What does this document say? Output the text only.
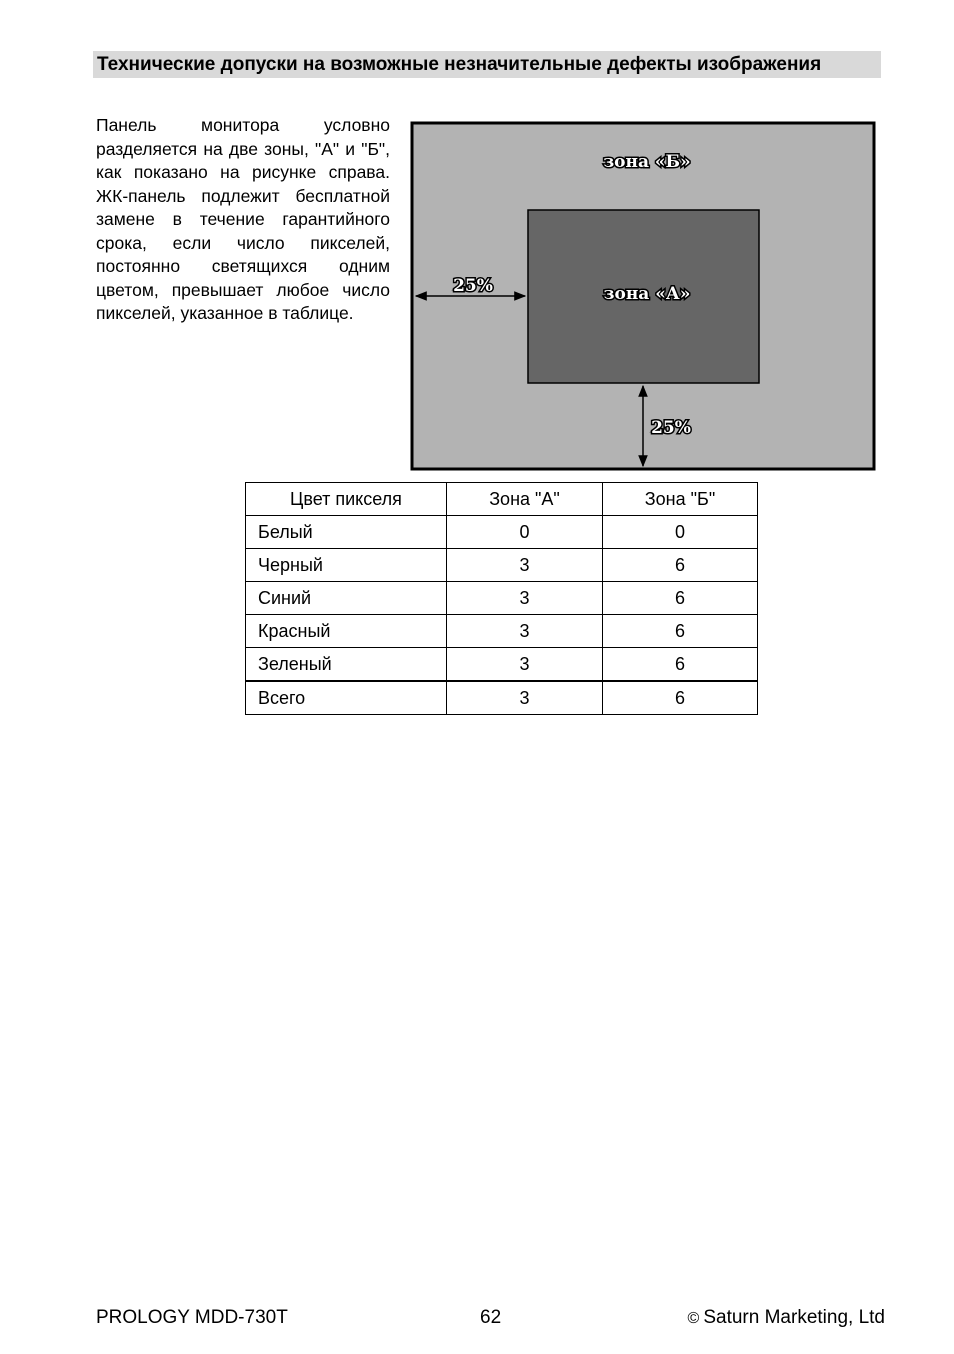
Технические допуски на возможные незначительные дефекты изображения
Панель монитора условно разделяется на две зоны, "А" и "Б", как показано на рисунке справа. ЖК-панель подлежит бесплатной замене в течение гарантийного срока, если число пикселей, постоянно светящихся одним цветом, превышает любое число пикселей, указанное в таблице.
зона «Б»
зона «А»
25%
25%
Цвет пикселя	Зона "А"	Зона "Б"
Белый	0	0
Черный	3	6
Синий	3	6
Красный	3	6
Зеленый	3	6
Всего	3	6
PROLOGY MDD-730T	62	© Saturn Marketing, Ltd
